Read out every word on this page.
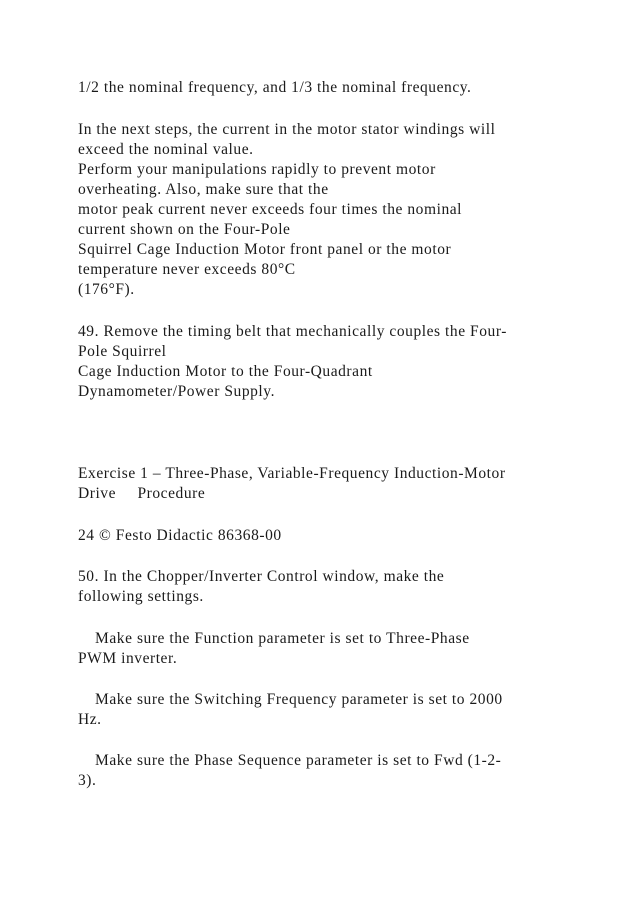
1/2 the nominal frequency, and 1/3 the nominal frequency.
In the next steps, the current in the motor stator windings will
exceed the nominal value.
Perform your manipulations rapidly to prevent motor
overheating. Also, make sure that the
motor peak current never exceeds four times the nominal
current shown on the Four-Pole
Squirrel Cage Induction Motor front panel or the motor
temperature never exceeds 80°C
(176°F).
49. Remove the timing belt that mechanically couples the Four-
Pole Squirrel
Cage Induction Motor to the Four-Quadrant
Dynamometer/Power Supply.
Exercise 1 – Three-Phase, Variable-Frequency Induction-Motor
Drive Procedure
24 © Festo Didactic 86368-00
50. In the Chopper/Inverter Control window, make the
following settings.
Make sure the Function parameter is set to Three-Phase
PWM inverter.
Make sure the Switching Frequency parameter is set to 2000
Hz.
Make sure the Phase Sequence parameter is set to Fwd (1-2-
3).
